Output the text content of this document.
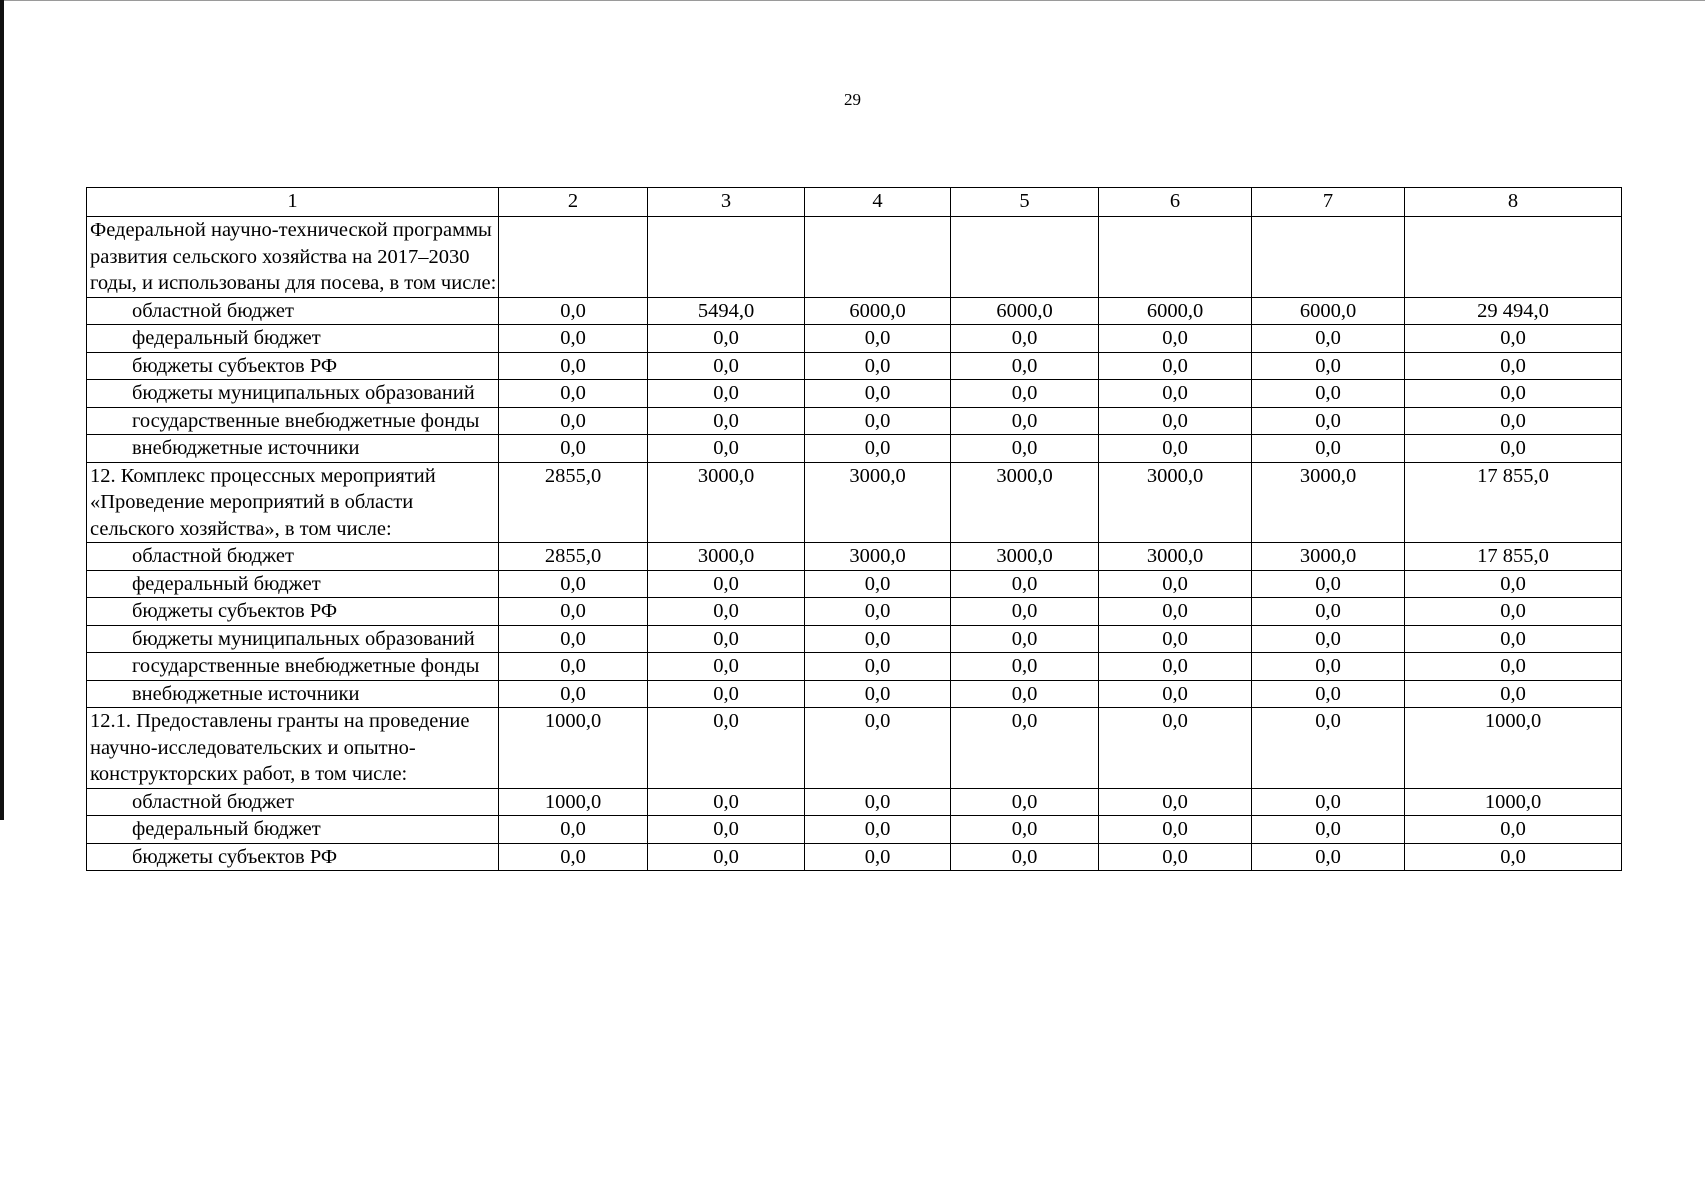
29
1	2	3	4	5	6	7	8

Федеральной научно-технической программы развития сельского хозяйства на 2017–2030 годы, и использованы для посева, в том числе:							

областной бюджет	0,0	5494,0	6000,0	6000,0	6000,0	6000,0	29 494,0

федеральный бюджет	0,0	0,0	0,0	0,0	0,0	0,0	0,0

бюджеты субъектов РФ	0,0	0,0	0,0	0,0	0,0	0,0	0,0

бюджеты муниципальных образований	0,0	0,0	0,0	0,0	0,0	0,0	0,0

государственные внебюджетные фонды	0,0	0,0	0,0	0,0	0,0	0,0	0,0

внебюджетные источники	0,0	0,0	0,0	0,0	0,0	0,0	0,0

12. Комплекс процессных мероприятий «Проведение мероприятий в области сельского хозяйства», в том числе:	2855,0	3000,0	3000,0	3000,0	3000,0	3000,0	17 855,0

областной бюджет	2855,0	3000,0	3000,0	3000,0	3000,0	3000,0	17 855,0

федеральный бюджет	0,0	0,0	0,0	0,0	0,0	0,0	0,0

бюджеты субъектов РФ	0,0	0,0	0,0	0,0	0,0	0,0	0,0

бюджеты муниципальных образований	0,0	0,0	0,0	0,0	0,0	0,0	0,0

государственные внебюджетные фонды	0,0	0,0	0,0	0,0	0,0	0,0	0,0

внебюджетные источники	0,0	0,0	0,0	0,0	0,0	0,0	0,0

12.1. Предоставлены гранты на проведение научно-исследовательских и опытно-конструкторских работ, в том числе:	1000,0	0,0	0,0	0,0	0,0	0,0	1000,0

областной бюджет	1000,0	0,0	0,0	0,0	0,0	0,0	1000,0

федеральный бюджет	0,0	0,0	0,0	0,0	0,0	0,0	0,0

бюджеты субъектов РФ	0,0	0,0	0,0	0,0	0,0	0,0	0,0
